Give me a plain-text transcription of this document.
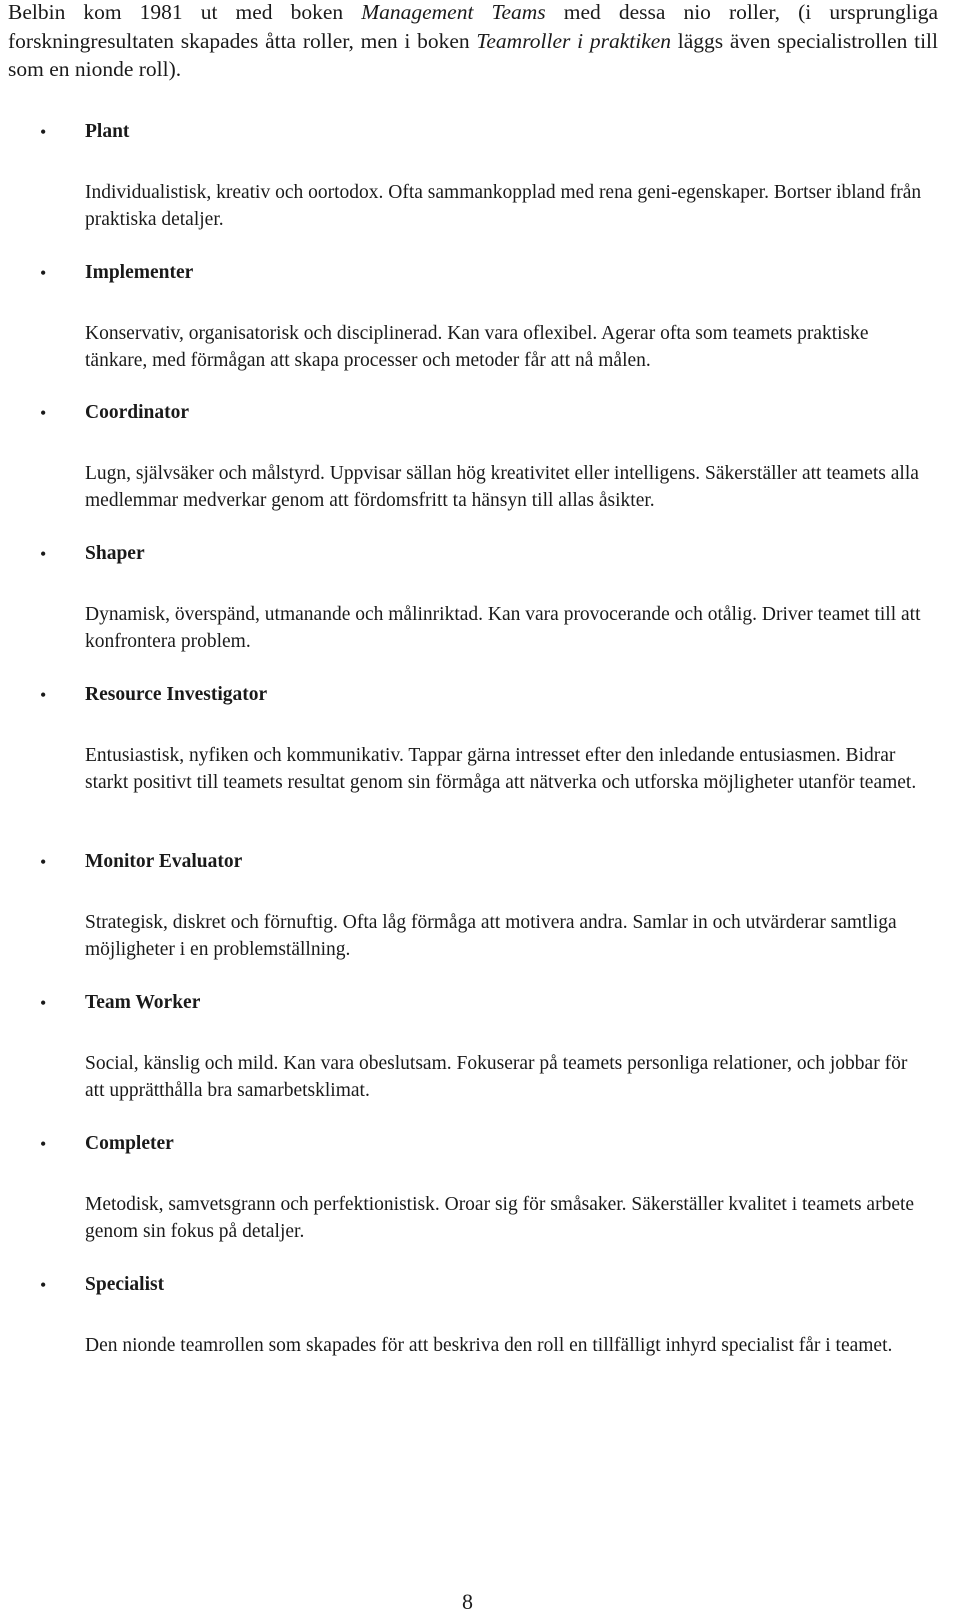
Belbin kom 1981 ut med boken Management Teams med dessa nio roller, (i ursprungliga forskningresultaten skapades åtta roller, men i boken Teamroller i praktiken läggs även specialistrollen till som en nionde roll).

• Plant

Individualistisk, kreativ och oortodox. Ofta sammankopplad med rena geni-egenskaper. Bortser ibland från praktiska detaljer.

• Implementer

Konservativ, organisatorisk och disciplinerad. Kan vara oflexibel. Agerar ofta som teamets praktiske tänkare, med förmågan att skapa processer och metoder får att nå målen.

• Coordinator

Lugn, självsäker och målstyrd. Uppvisar sällan hög kreativitet eller intelligens. Säkerställer att teamets alla medlemmar medverkar genom att fördomsfritt ta hänsyn till allas åsikter.

• Shaper

Dynamisk, överspänd, utmanande och målinriktad. Kan vara provocerande och otålig. Driver teamet till att konfrontera problem.

• Resource Investigator

Entusiastisk, nyfiken och kommunikativ. Tappar gärna intresset efter den inledande entusiasmen. Bidrar starkt positivt till teamets resultat genom sin förmåga att nätverka och utforska möjligheter utanför teamet.

• Monitor Evaluator

Strategisk, diskret och förnuftig. Ofta låg förmåga att motivera andra. Samlar in och utvärderar samtliga möjligheter i en problemställning.

• Team Worker

Social, känslig och mild. Kan vara obeslutsam. Fokuserar på teamets personliga relationer, och jobbar för att upprätthålla bra samarbetsklimat.

• Completer

Metodisk, samvetsgrann och perfektionistisk. Oroar sig för småsaker. Säkerställer kvalitet i teamets arbete genom sin fokus på detaljer.

• Specialist

Den nionde teamrollen som skapades för att beskriva den roll en tillfälligt inhyrd specialist får i teamet.

8
